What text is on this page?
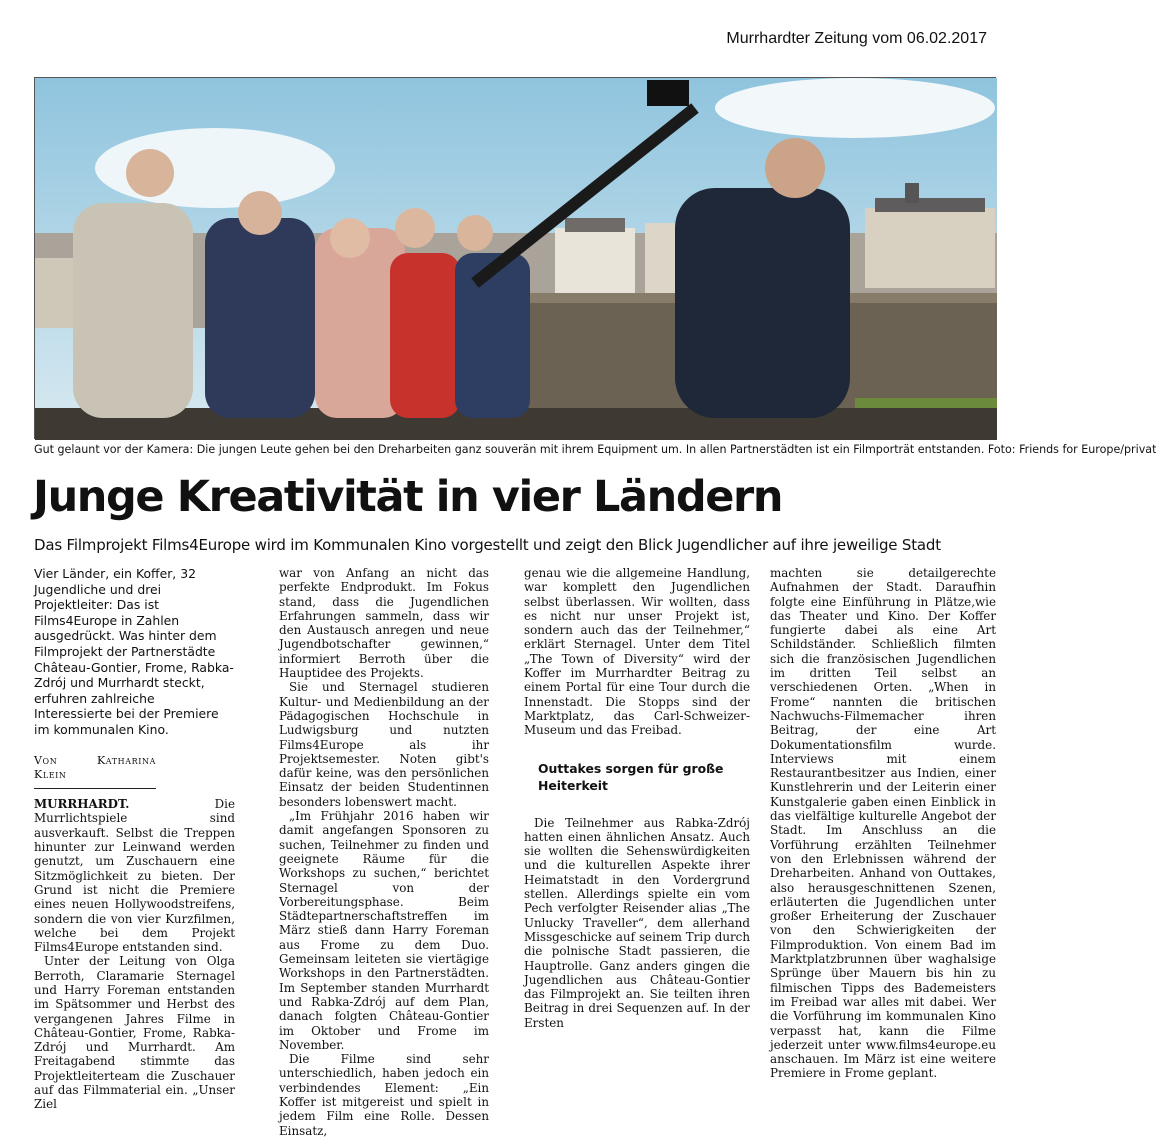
Murrhardter Zeitung vom 06.02.2017
Gut gelaunt vor der Kamera: Die jungen Leute gehen bei den Dreharbeiten ganz souverän mit ihrem Equipment um. In allen Partnerstädten ist ein Filmporträt entstanden. Foto: Friends for Europe/privat
Junge Kreativität in vier Ländern
Das Filmprojekt Films4Europe wird im Kommunalen Kino vorgestellt und zeigt den Blick Jugendlicher auf ihre jeweilige Stadt

Vier Länder, ein Koffer, 32 Jugendliche und drei Projektleiter: Das ist Films4Europe in Zahlen ausgedrückt. Was hinter dem Filmprojekt der Partnerstädte Château-Gontier, Frome, Rabka-Zdrój und Murrhardt steckt, erfuhren zahlreiche Interessierte bei der Premiere im kommunalen Kino.

Von Katharina Klein

MURRHARDT. Die Murrlichtspiele sind ausverkauft. Selbst die Treppen hinunter zur Leinwand werden genutzt, um Zuschauern eine Sitzmöglichkeit zu bieten. Der Grund ist nicht die Premiere eines neuen Hollywoodstreifens, sondern die von vier Kurzfilmen, welche bei dem Projekt Films4Europe entstanden sind.

Unter der Leitung von Olga Berroth, Claramarie Sternagel und Harry Foreman entstanden im Spätsommer und Herbst des vergangenen Jahres Filme in Château-Gontier, Frome, Rabka-Zdrój und Murrhardt. Am Freitagabend stimmte das Projektleiterteam die Zuschauer auf das Filmmaterial ein. „Unser Ziel

war von Anfang an nicht das perfekte Endprodukt. Im Fokus stand, dass die Jugendlichen Erfahrungen sammeln, dass wir den Austausch anregen und neue Jugendbotschafter gewinnen,“ informiert Berroth über die Hauptidee des Projekts.

Sie und Sternagel studieren Kultur- und Medienbildung an der Pädagogischen Hochschule in Ludwigsburg und nutzten Films4Europe als ihr Projektsemester. Noten gibt's dafür keine, was den persönlichen Einsatz der beiden Studentinnen besonders lobenswert macht.

„Im Frühjahr 2016 haben wir damit angefangen Sponsoren zu suchen, Teilnehmer zu finden und geeignete Räume für die Workshops zu suchen,“ berichtet Sternagel von der Vorbereitungsphase. Beim Städtepartnerschaftstreffen im März stieß dann Harry Foreman aus Frome zu dem Duo. Gemeinsam leiteten sie viertägige Workshops in den Partnerstädten. Im September standen Murrhardt und Rabka-Zdrój auf dem Plan, danach folgten Château-Gontier im Oktober und Frome im November.

Die Filme sind sehr unterschiedlich, haben jedoch ein verbindendes Element: „Ein Koffer ist mitgereist und spielt in jedem Film eine Rolle. Dessen Einsatz,

genau wie die allgemeine Handlung, war komplett den Jugendlichen selbst überlassen. Wir wollten, dass es nicht nur unser Projekt ist, sondern auch das der Teilnehmer,“ erklärt Sternagel. Unter dem Titel „The Town of Diversity“ wird der Koffer im Murrhardter Beitrag zu einem Portal für eine Tour durch die Innenstadt. Die Stopps sind der Marktplatz, das Carl-Schweizer-Museum und das Freibad.

Outtakes sorgen für große Heiterkeit

Die Teilnehmer aus Rabka-Zdrój hatten einen ähnlichen Ansatz. Auch sie wollten die Sehenswürdigkeiten und die kulturellen Aspekte ihrer Heimatstadt in den Vordergrund stellen. Allerdings spielte ein vom Pech verfolgter Reisender alias „The Unlucky Traveller“, dem allerhand Missgeschicke auf seinem Trip durch die polnische Stadt passieren, die Hauptrolle. Ganz anders gingen die Jugendlichen aus Château-Gontier das Filmprojekt an. Sie teilten ihren Beitrag in drei Sequenzen auf. In der Ersten

machten sie detailgerechte Aufnahmen der Stadt. Daraufhin folgte eine Einführung in Plätze,wie das Theater und Kino. Der Koffer fungierte dabei als eine Art Schildständer. Schließlich filmten sich die französischen Jugendlichen im dritten Teil selbst an verschiedenen Orten. „When in Frome“ nannten die britischen Nachwuchs-Filmemacher ihren Beitrag, der eine Art Dokumentationsfilm wurde. Interviews mit einem Restaurantbesitzer aus Indien, einer Kunstlehrerin und der Leiterin einer Kunstgalerie gaben einen Einblick in das vielfältige kulturelle Angebot der Stadt. Im Anschluss an die Vorführung erzählten Teilnehmer von den Erlebnissen während der Dreharbeiten. Anhand von Outtakes, also herausgeschnittenen Szenen, erläuterten die Jugendlichen unter großer Erheiterung der Zuschauer von den Schwierigkeiten der Filmproduktion. Von einem Bad im Marktplatzbrunnen über waghalsige Sprünge über Mauern bis hin zu filmischen Tipps des Bademeisters im Freibad war alles mit dabei. Wer die Vorführung im kommunalen Kino verpasst hat, kann die Filme jederzeit unter www.films4europe.eu anschauen. Im März ist eine weitere Premiere in Frome geplant.
